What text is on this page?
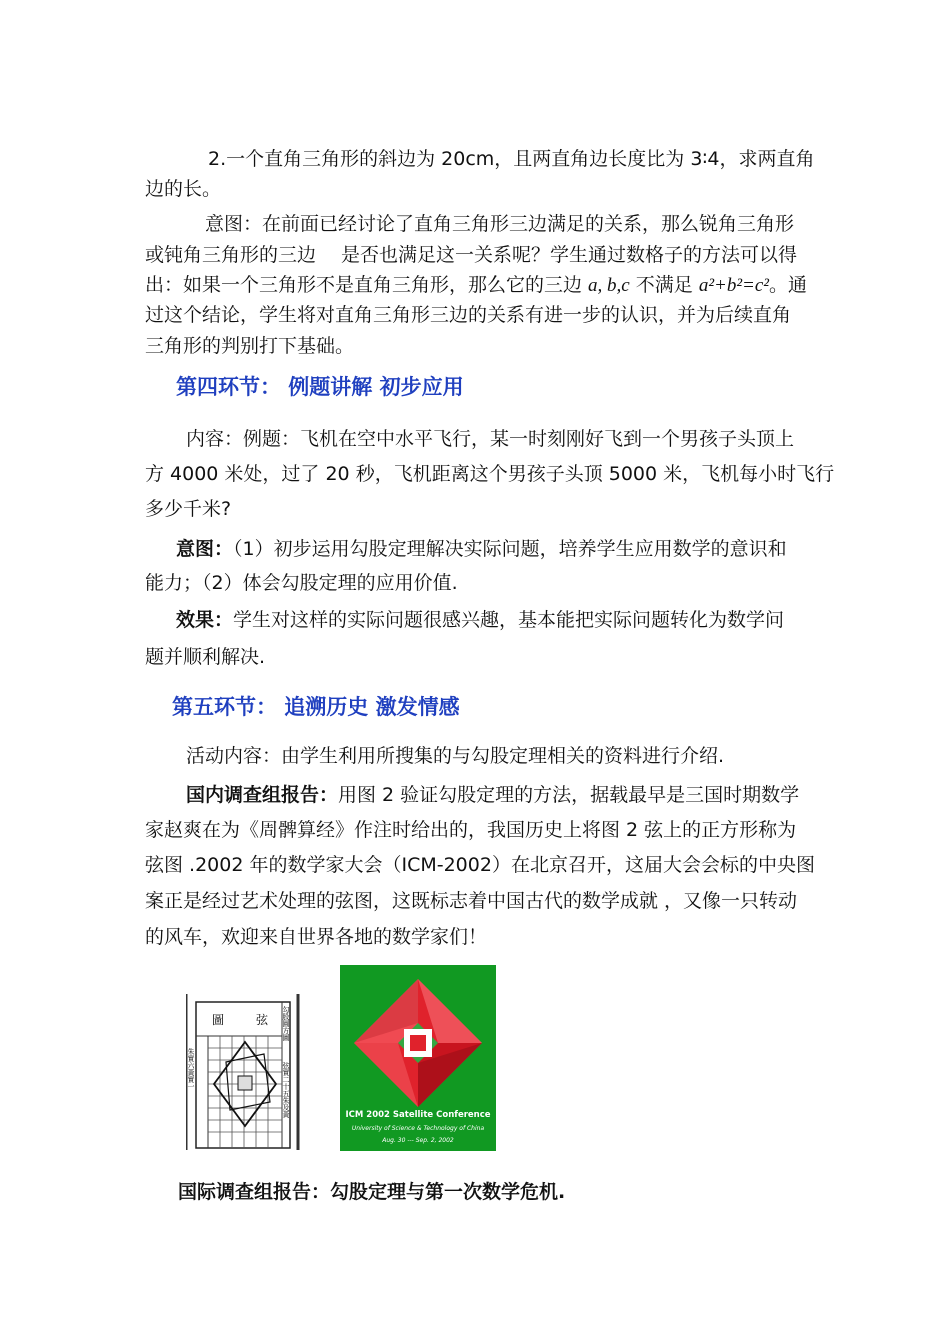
2.一个直角三角形的斜边为 20cm，且两直角边长度比为 3∶4，求两直角
边的长。
意图：在前面已经讨论了直角三角形三边满足的关系，那么锐角三角形
或钝角三角形的三边　 是否也满足这一关系呢？学生通过数格子的方法可以得
出：如果一个三角形不是直角三角形，那么它的三边 a, b,c 不满足 a²+b²=c²。通
过这个结论，学生将对直角三角形三边的关系有进一步的认识，并为后续直角
三角形的判别打下基础。
第四环节： 例题讲解 初步应用
内容：例题：飞机在空中水平飞行，某一时刻刚好飞到一个男孩子头顶上
方 4000 米处，过了 20 秒，飞机距离这个男孩子头顶 5000 米，飞机每小时飞行
多少千米?
意图：（1）初步运用勾股定理解决实际问题，培养学生应用数学的意识和
能力；（2）体会勾股定理的应用价值.
效果：学生对这样的实际问题很感兴趣，基本能把实际问题转化为数学问
题并顺利解决.
第五环节： 追溯历史 激发情感
活动内容：由学生利用所搜集的与勾股定理相关的资料进行介绍.
国内调查组报告：用图 2 验证勾股定理的方法，据载最早是三国时期数学
家赵爽在为《周髀算经》作注时给出的，我国历史上将图 2 弦上的正方形称为
弦图 .2002 年的数学家大会（ICM-2002）在北京召开，这届大会会标的中央图
案正是经过艺术处理的弦图，这既标志着中国古代的数学成就 ，又像一只转动
的风车，欢迎来自世界各地的数学家们！
圖	弦 勾股圓方圖
弦實二十五朱及黃
朱實六黃實一
ICM 2002 Satellite Conference
University of Science & Technology of China
Aug. 30 --- Sep. 2, 2002
国际调查组报告：勾股定理与第一次数学危机.
